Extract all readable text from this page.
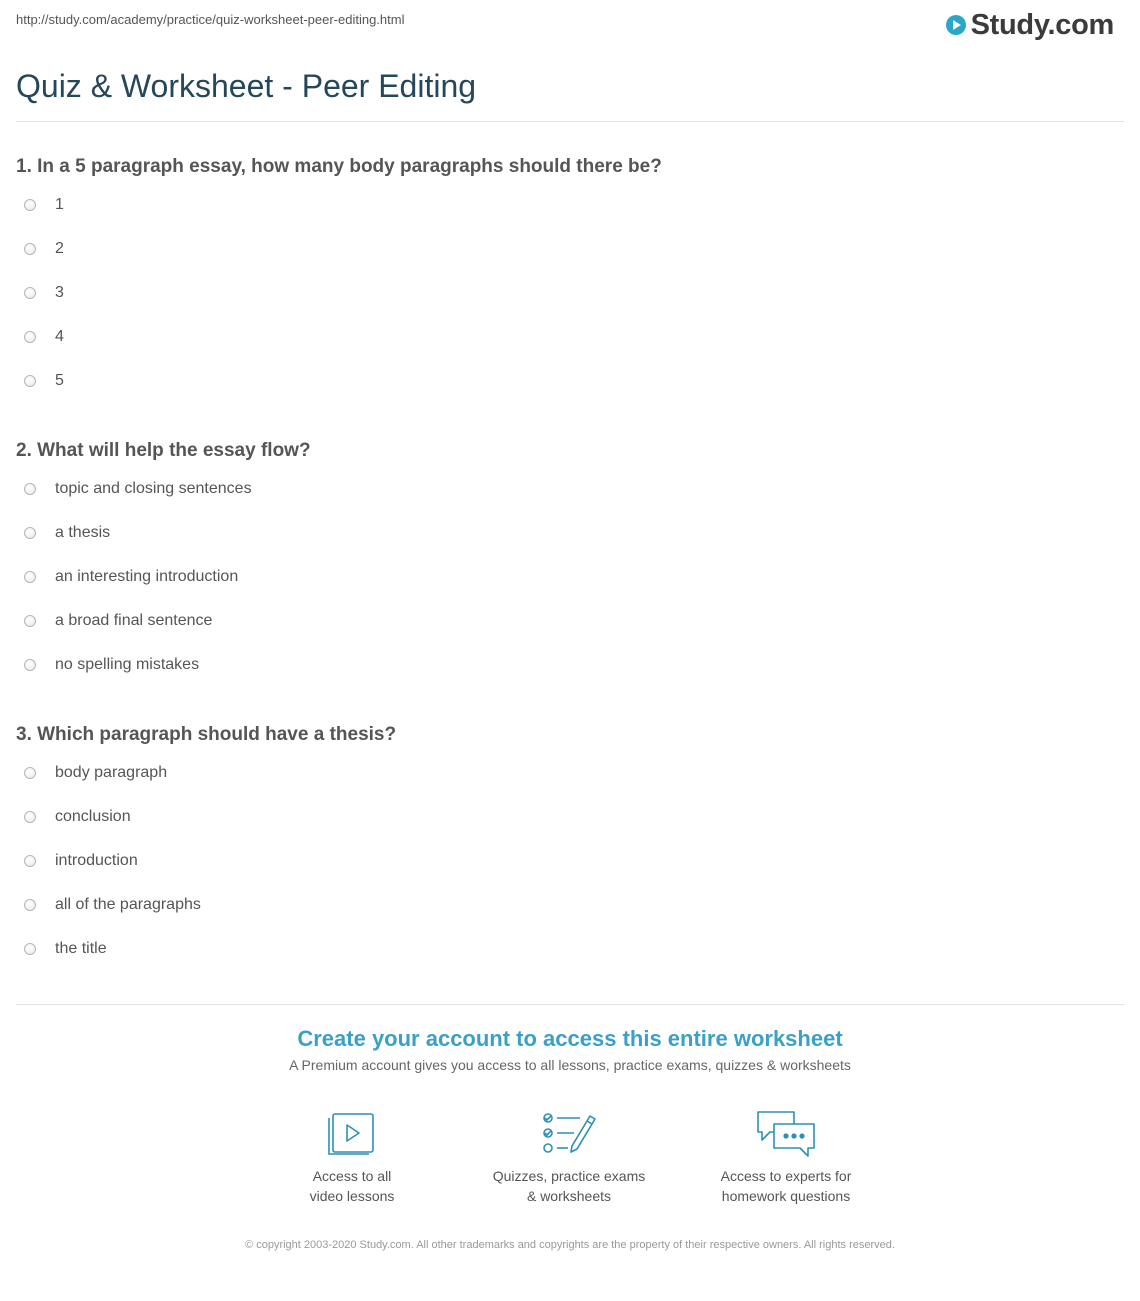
http://study.com/academy/practice/quiz-worksheet-peer-editing.html	Study.com
Quiz & Worksheet - Peer Editing
1. In a 5 paragraph essay, how many body paragraphs should there be?
1
2
3
4
5
2. What will help the essay flow?
topic and closing sentences
a thesis
an interesting introduction
a broad final sentence
no spelling mistakes
3. Which paragraph should have a thesis?
body paragraph
conclusion
introduction
all of the paragraphs
the title
Create your account to access this entire worksheet

A Premium account gives you access to all lessons, practice exams, quizzes & worksheets

Access to all
video lessons
Quizzes, practice exams
& worksheets
Access to experts for
homework questions
© copyright 2003-2020 Study.com. All other trademarks and copyrights are the property of their respective owners. All rights reserved.
